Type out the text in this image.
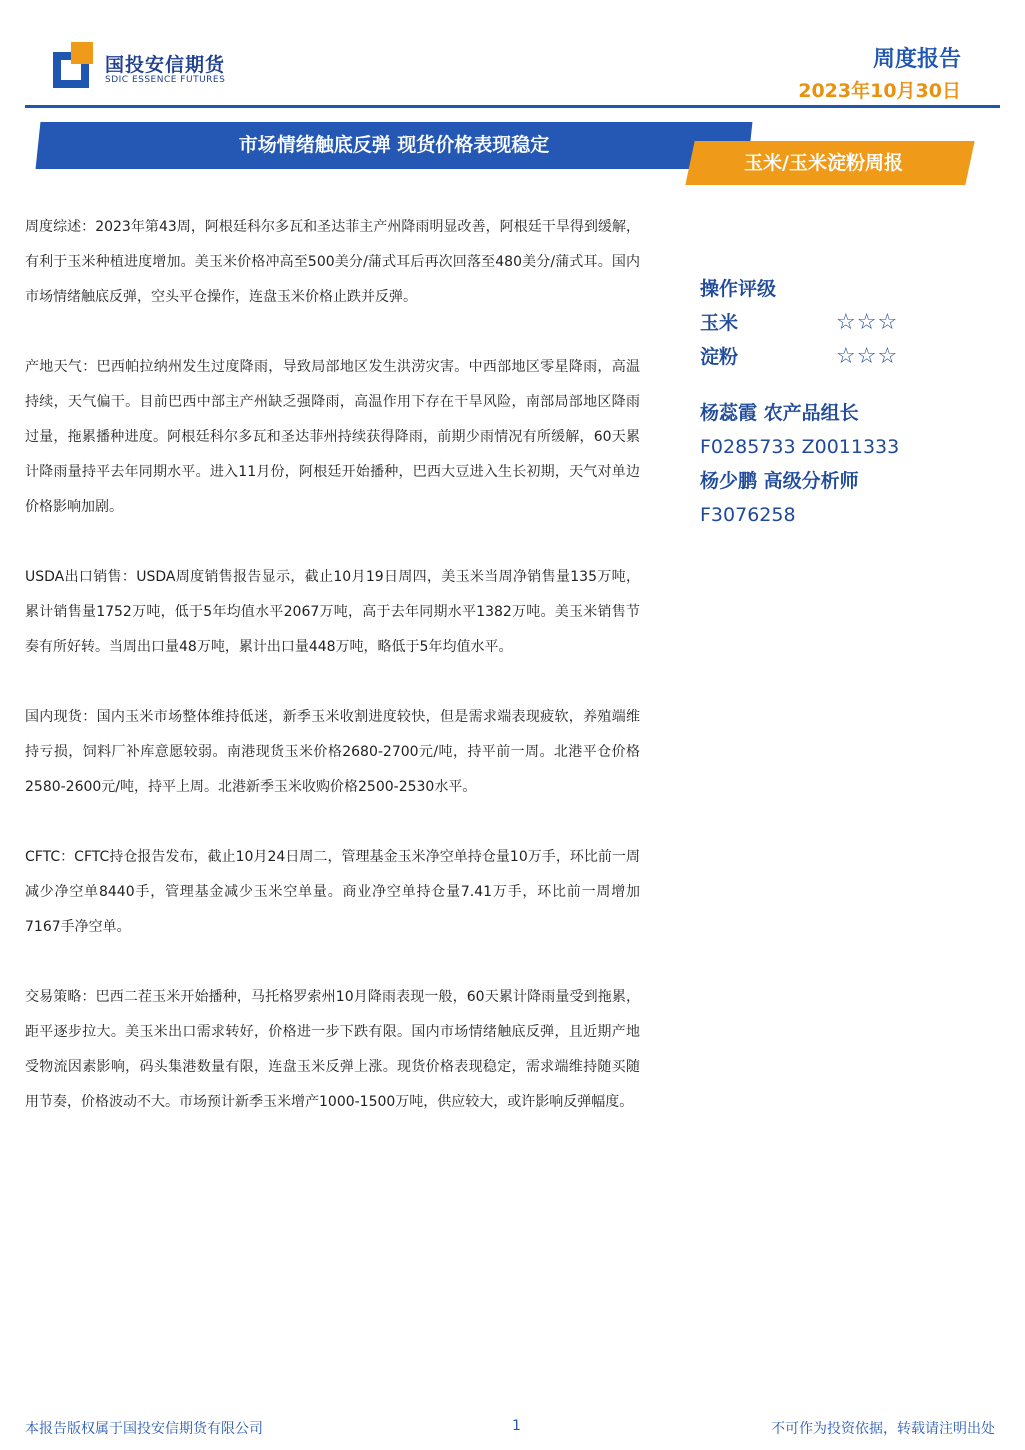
国投安信期货
SDIC ESSENCE FUTURES
周度报告
2023年10月30日
市场情绪触底反弹 现货价格表现稳定
玉米/玉米淀粉周报

周度综述：2023年第43周，阿根廷科尔多瓦和圣达菲主产州降雨明显改善，阿根廷干旱得到缓解，有利于玉米种植进度增加。美玉米价格冲高至500美分/蒲式耳后再次回落至480美分/蒲式耳。国内市场情绪触底反弹，空头平仓操作，连盘玉米价格止跌并反弹。

产地天气：巴西帕拉纳州发生过度降雨，导致局部地区发生洪涝灾害。中西部地区零星降雨，高温持续，天气偏干。目前巴西中部主产州缺乏强降雨，高温作用下存在干旱风险，南部局部地区降雨过量，拖累播种进度。阿根廷科尔多瓦和圣达菲州持续获得降雨，前期少雨情况有所缓解，60天累计降雨量持平去年同期水平。进入11月份，阿根廷开始播种，巴西大豆进入生长初期，天气对单边价格影响加剧。

USDA出口销售：USDA周度销售报告显示，截止10月19日周四，美玉米当周净销售量135万吨，累计销售量1752万吨，低于5年均值水平2067万吨，高于去年同期水平1382万吨。美玉米销售节奏有所好转。当周出口量48万吨，累计出口量448万吨，略低于5年均值水平。

国内现货：国内玉米市场整体维持低迷，新季玉米收割进度较快，但是需求端表现疲软，养殖端维持亏损，饲料厂补库意愿较弱。南港现货玉米价格2680-2700元/吨，持平前一周。北港平仓价格2580-2600元/吨，持平上周。北港新季玉米收购价格2500-2530水平。

CFTC：CFTC持仓报告发布，截止10月24日周二，管理基金玉米净空单持仓量10万手，环比前一周减少净空单8440手，管理基金减少玉米空单量。商业净空单持仓量7.41万手，环比前一周增加7167手净空单。

交易策略：巴西二茬玉米开始播种，马托格罗索州10月降雨表现一般，60天累计降雨量受到拖累，距平逐步拉大。美玉米出口需求转好，价格进一步下跌有限。国内市场情绪触底反弹，且近期产地受物流因素影响，码头集港数量有限，连盘玉米反弹上涨。现货价格表现稳定，需求端维持随买随用节奏，价格波动不大。市场预计新季玉米增产1000-1500万吨，供应较大，或许影响反弹幅度。

操作评级
玉米	☆☆☆
淀粉	☆☆☆
杨蕊霞 农产品组长
F0285733 Z0011333
杨少鹏 高级分析师
F3076258
本报告版权属于国投安信期货有限公司	1	不可作为投资依据，转载请注明出处
